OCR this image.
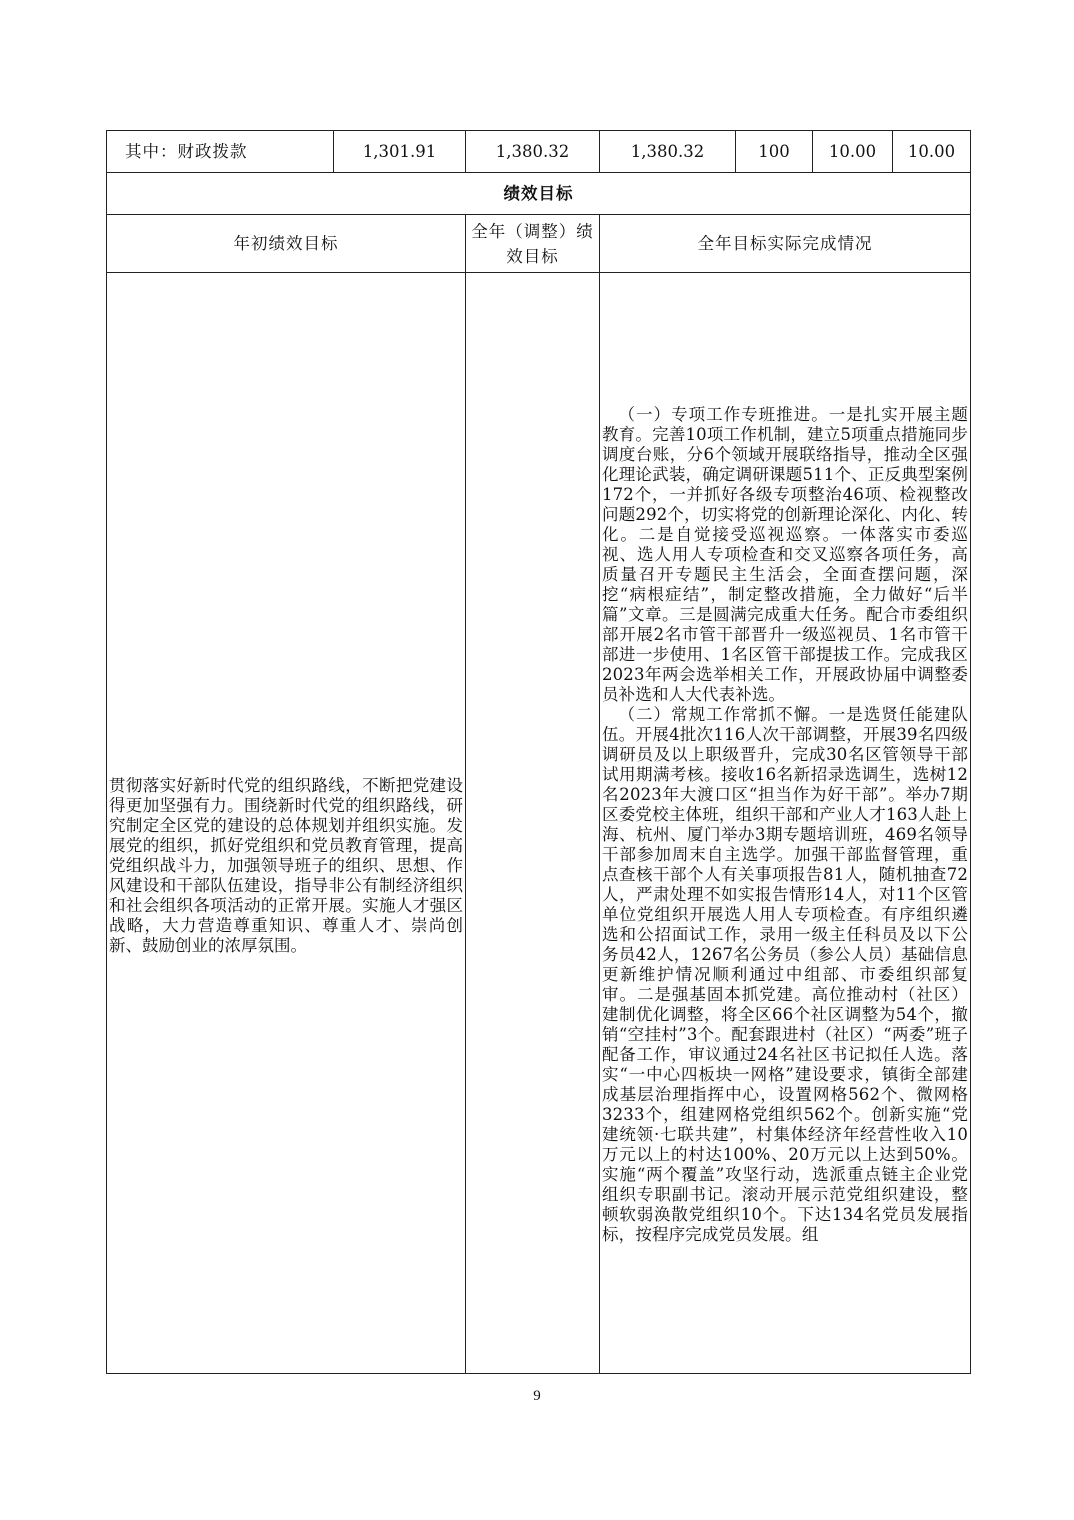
其中：财政拨款	1,301.91	1,380.32	1,380.32	100	10.00	10.00
绩效目标						
年初绩效目标		全年（调整）绩效目标	全年目标实际完成情况			

贯彻落实好新时代党的组织路线，不断把党建设得更加坚强有力。围绕新时代党的组织路线，研究制定全区党的建设的总体规划并组织实施。发展党的组织，抓好党组织和党员教育管理，提高党组织战斗力，加强领导班子的组织、思想、作风建设和干部队伍建设，指导非公有制经济组织和社会组织各项活动的正常开展。实施人才强区战略，大力营造尊重知识、尊重人才、崇尚创新、鼓励创业的浓厚氛围。			（一）专项工作专班推进。一是扎实开展主题教育。完善10项工作机制，建立5项重点措施同步调度台账，分6个领域开展联络指导，推动全区强化理论武装，确定调研课题511个、正反典型案例172个，一并抓好各级专项整治46项、检视整改问题292个，切实将党的创新理论深化、内化、转化。二是自觉接受巡视巡察。一体落实市委巡视、选人用人专项检查和交叉巡察各项任务，高质量召开专题民主生活会，全面查摆问题，深挖“病根症结”，制定整改措施，全力做好“后半篇”文章。三是圆满完成重大任务。配合市委组织部开展2名市管干部晋升一级巡视员、1名市管干部进一步使用、1名区管干部提拔工作。完成我区2023年两会选举相关工作，开展政协届中调整委员补选和人大代表补选。

（二）常规工作常抓不懈。一是选贤任能建队伍。开展4批次116人次干部调整，开展39名四级调研员及以上职级晋升，完成30名区管领导干部试用期满考核。接收16名新招录选调生，选树12名2023年大渡口区“担当作为好干部”。举办7期区委党校主体班，组织干部和产业人才163人赴上海、杭州、厦门举办3期专题培训班，469名领导干部参加周末自主选学。加强干部监督管理，重点查核干部个人有关事项报告81人，随机抽查72人，严肃处理不如实报告情形14人，对11个区管单位党组织开展选人用人专项检查。有序组织遴选和公招面试工作，录用一级主任科员及以下公务员42人，1267名公务员（参公人员）基础信息更新维护情况顺利通过中组部、市委组织部复审。二是强基固本抓党建。高位推动村（社区）建制优化调整，将全区66个社区调整为54个，撤销“空挂村”3个。配套跟进村（社区）“两委”班子配备工作，审议通过24名社区书记拟任人选。落实“一中心四板块一网格”建设要求，镇街全部建成基层治理指挥中心，设置网格562个、微网格3233个，组建网格党组织562个。创新实施“党建统领·七联共建”，村集体经济年经营性收入10万元以上的村达100%、20万元以上达到50%。实施“两个覆盖”攻坚行动，选派重点链主企业党组织专职副书记。滚动开展示范党组织建设，整顿软弱涣散党组织10个。下达134名党员发展指标，按程序完成党员发展。组			

9
